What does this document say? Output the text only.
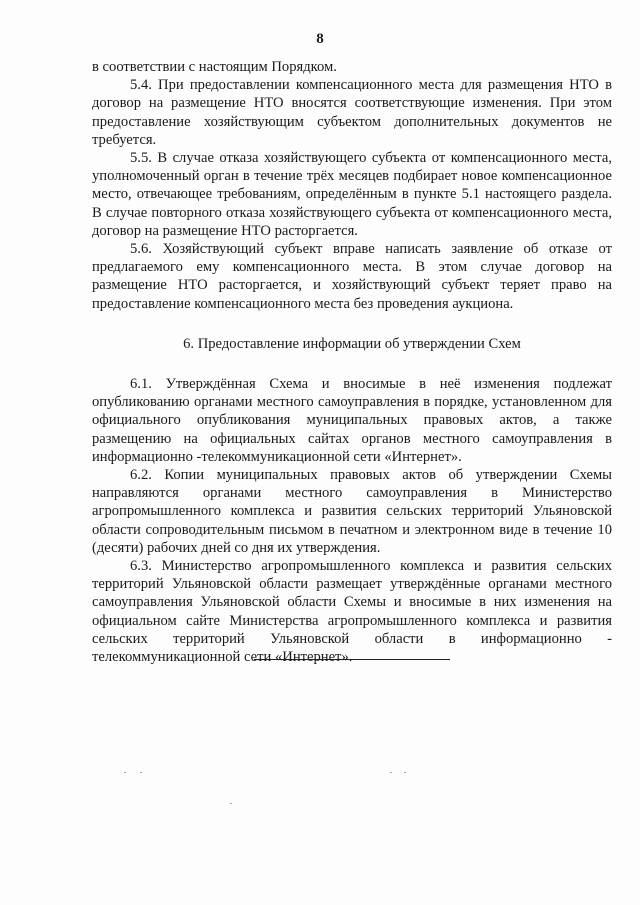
8

в соответствии с настоящим Порядком.

5.4. При предоставлении компенсационного места для размещения НТО в договор на размещение НТО вносятся соответствующие изменения. При этом предоставление хозяйствующим субъектом дополнительных документов не требуется.

5.5. В случае отказа хозяйствующего субъекта от компенсационного места, уполномоченный орган в течение трёх месяцев подбирает новое компенсационное место, отвечающее требованиям, определённым в пункте 5.1 настоящего раздела. В случае повторного отказа хозяйствующего субъекта от компенсационного места, договор на размещение НТО расторгается.

5.6. Хозяйствующий субъект вправе написать заявление об отказе от предлагаемого ему компенсационного места. В этом случае договор на размещение НТО расторгается, и хозяйствующий субъект теряет право на предоставление компенсационного места без проведения аукциона.

6. Предоставление информации об утверждении Схем

6.1. Утверждённая Схема и вносимые в неё изменения подлежат опубликованию органами местного самоуправления в порядке, установленном для официального опубликования муниципальных правовых актов, а также размещению на официальных сайтах органов местного самоуправления в информационно -телекоммуникационной сети «Интернет».

6.2. Копии муниципальных правовых актов об утверждении Схемы направляются органами местного самоуправления в Министерство агропромышленного комплекса и развития сельских территорий Ульяновской области сопроводительным письмом в печатном и электронном виде в течение 10 (десяти) рабочих дней со дня их утверждения.

6.3. Министерство агропромышленного комплекса и развития сельских территорий Ульяновской области размещает утверждённые органами местного самоуправления Ульяновской области Схемы и вносимые в них изменения на официальном сайте Министерства агропромышленного комплекса и развития сельских территорий Ульяновской области в информационно - телекоммуникационной сети «Интернет».
